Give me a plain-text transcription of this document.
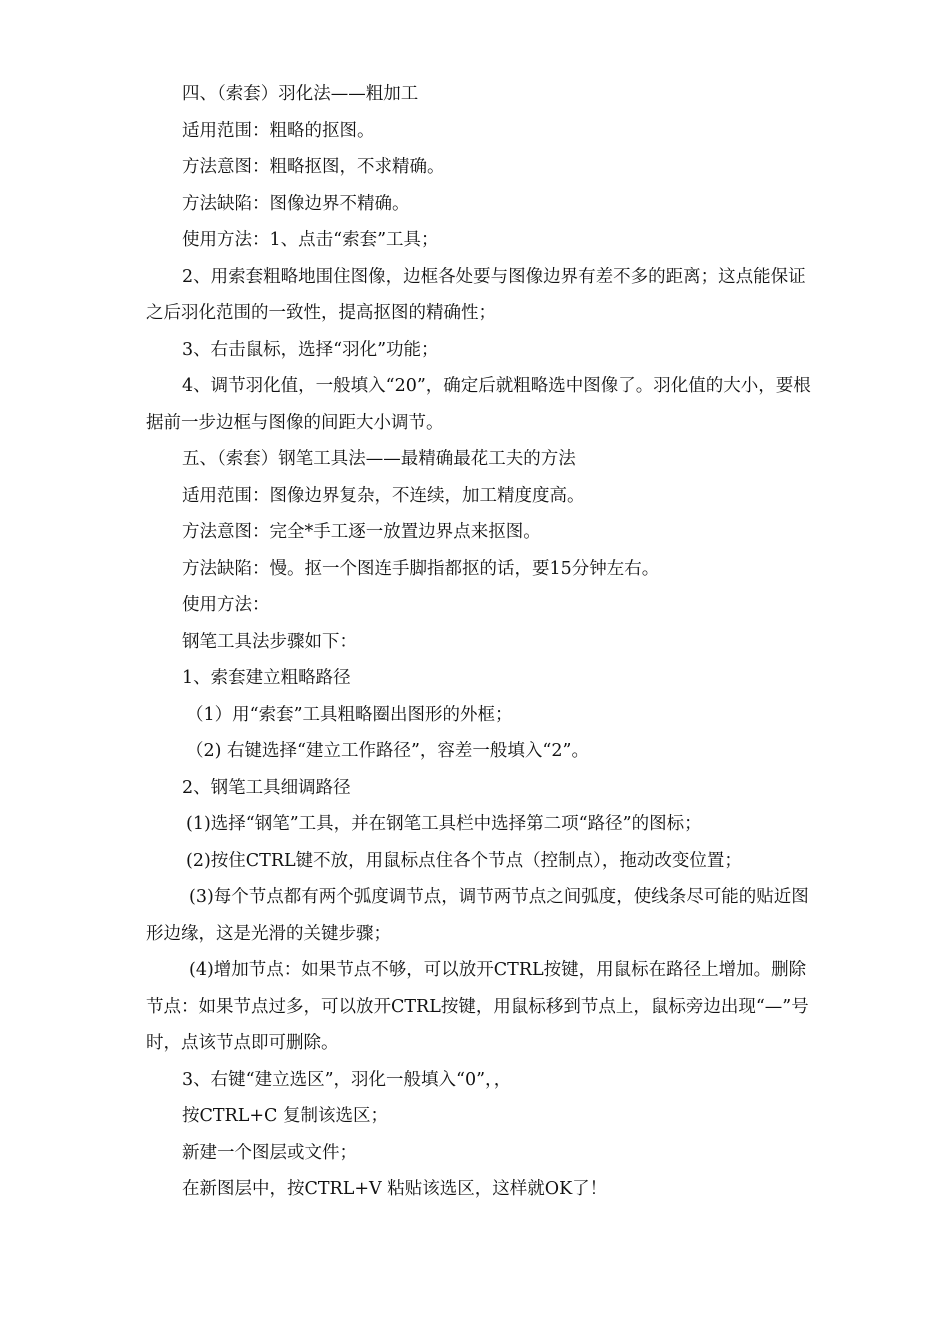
四、（索套）羽化法——粗加工

适用范围：粗略的抠图。

方法意图：粗略抠图，不求精确。

方法缺陷：图像边界不精确。

使用方法：1、点击“索套”工具；

2、用索套粗略地围住图像，边框各处要与图像边界有差不多的距离；这点能保证之后羽化范围的一致性，提高抠图的精确性；

3、右击鼠标，选择“羽化”功能；

4、调节羽化值，一般填入“20”，确定后就粗略选中图像了。羽化值的大小，要根据前一步边框与图像的间距大小调节。

五、（索套）钢笔工具法——最精确最花工夫的方法

适用范围：图像边界复杂，不连续，加工精度度高。

方法意图：完全*手工逐一放置边界点来抠图。

方法缺陷：慢。抠一个图连手脚指都抠的话，要15分钟左右。

使用方法：

钢笔工具法步骤如下：

1、索套建立粗略路径

（1）用“索套”工具粗略圈出图形的外框；

（2) 右键选择“建立工作路径”，容差一般填入“2”。

2、钢笔工具细调路径

(1)选择“钢笔”工具，并在钢笔工具栏中选择第二项“路径”的图标；

(2)按住CTRL键不放，用鼠标点住各个节点（控制点），拖动改变位置；

(3)每个节点都有两个弧度调节点，调节两节点之间弧度，使线条尽可能的贴近图形边缘，这是光滑的关键步骤；

(4)增加节点：如果节点不够，可以放开CTRL按键，用鼠标在路径上增加。删除节点：如果节点过多，可以放开CTRL按键，用鼠标移到节点上，鼠标旁边出现“—”号时，点该节点即可删除。

3、右键“建立选区”，羽化一般填入“0”，，

按CTRL+C 复制该选区；

新建一个图层或文件；

在新图层中，按CTRL+V 粘贴该选区，这样就OK了！
